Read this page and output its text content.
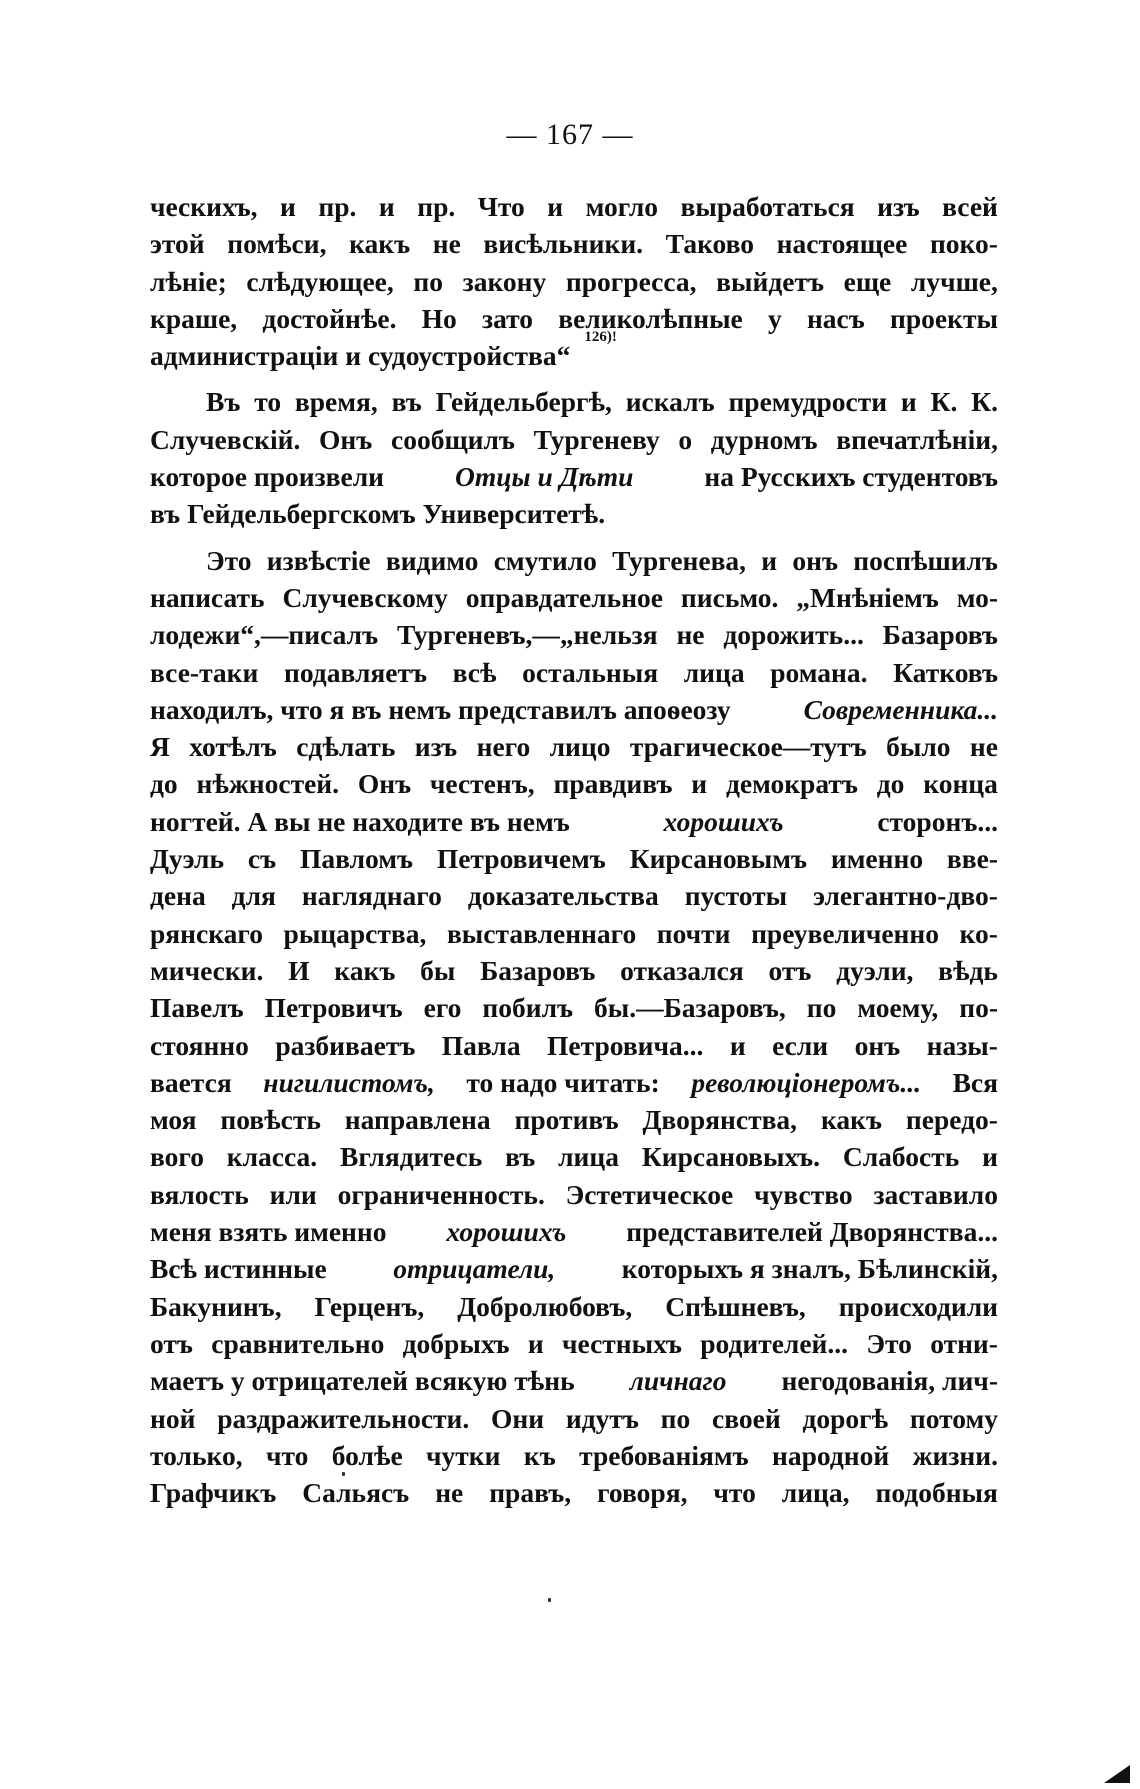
— 167 —
ческихъ, и пр. и пр. Что и могло выработаться изъ всей
этой помѣси, какъ не висѣльники. Таково настоящее поко-
лѣніе; слѣдующее, по закону прогресса, выйдетъ еще лучше,
краше, достойнѣе. Но зато великолѣпные у насъ проекты
администраціи и судоустройства“
126)!
Въ то время, въ Гейдельбергѣ, искалъ премудрости и К. К.
Случевскій. Онъ сообщилъ Тургеневу о дурномъ впечатлѣніи,
которое произвели	Отцы и Дѣти	на Русскихъ студентовъ
въ Гейдельбергскомъ Университетѣ.
Это извѣстіе видимо смутило Тургенева, и онъ поспѣшилъ
написать Случевскому оправдательное письмо. „Мнѣніемъ мо-
лодежи“,—писалъ Тургеневъ,—„нельзя не дорожить... Базаровъ
все-таки подавляетъ всѣ остальныя лица романа. Катковъ
находилъ, что я въ немъ представилъ апоѳеозу	Современника...
Я хотѣлъ сдѣлать изъ него лицо трагическое—тутъ было не
до нѣжностей. Онъ честенъ, правдивъ и демократъ до конца
ногтей. А вы не находите въ немъ	хорошихъ	сторонъ...
Дуэль съ Павломъ Петровичемъ Кирсановымъ именно вве-
дена для нагляднаго доказательства пустоты элегантно-дво-
рянскаго рыцарства, выставленнаго почти преувеличенно ко-
мически. И какъ бы Базаровъ отказался отъ дуэли, вѣдь
Павелъ Петровичъ его побилъ бы.—Базаровъ, по моему, по-
стоянно разбиваетъ Павла Петровича... и если онъ назы-
вается нигилистомъ, то надо читать: революціонеромъ... Вся
моя повѣсть направлена противъ Дворянства, какъ передо-
вого класса. Вглядитесь въ лица Кирсановыхъ. Слабость и
вялость или ограниченность. Эстетическое чувство заставило
меня взять именно хорошихъ представителей Дворянства...
Всѣ истинные отрицатели, которыхъ я зналъ, Бѣлинскій,
Бакунинъ, Герценъ, Добролюбовъ, Спѣшневъ, происходили
отъ сравнительно добрыхъ и честныхъ родителей... Это отни-
маетъ у отрицателей всякую тѣнь личнаго негодованія, лич-
ной раздражительности. Они идутъ по своей дорогѣ потому
только, что болѣе чутки къ требованіямъ народной жизни.
Графчикъ Сальясъ не правъ, говоря, что лица, подобныя
